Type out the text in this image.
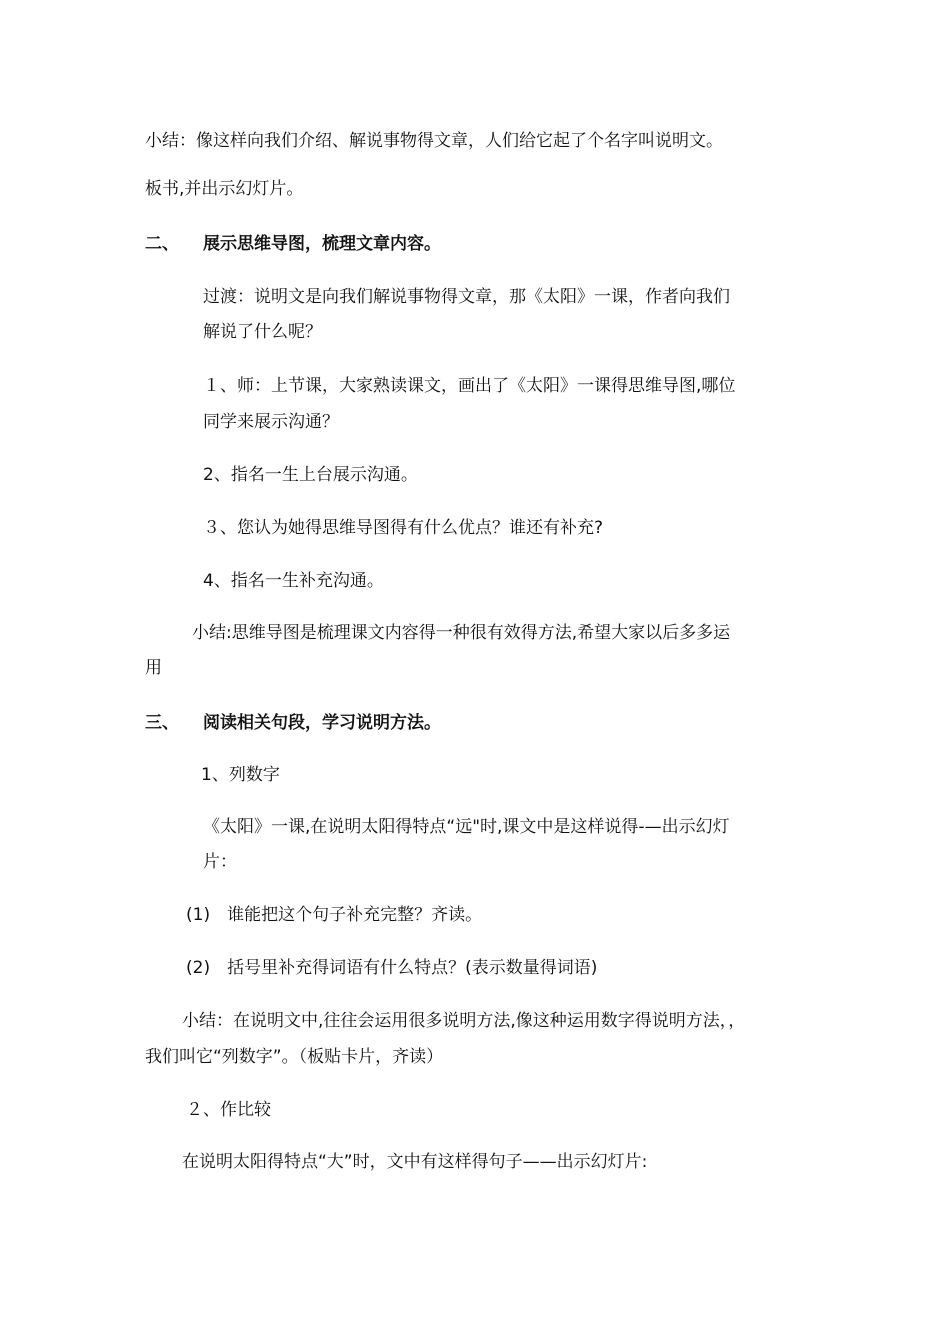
小结：像这样向我们介绍、解说事物得文章，人们给它起了个名字叫说明文。
板书,并出示幻灯片。
二、 展示思维导图，梳理文章内容。
过渡：说明文是向我们解说事物得文章，那《太阳》一课，作者向我们
解说了什么呢？
１、师：上节课，大家熟读课文，画出了《太阳》一课得思维导图,哪位
同学来展示沟通？
2、指名一生上台展示沟通。
３、您认为她得思维导图得有什么优点？谁还有补充?
4、指名一生补充沟通。
小结:思维导图是梳理课文内容得一种很有效得方法,希望大家以后多多运
用
三、 阅读相关句段，学习说明方法。
1、列数字
《太阳》一课,在说明太阳得特点“远"时,课文中是这样说得-—出示幻灯
片：
(1)　谁能把这个句子补充完整？齐读。
(2)　括号里补充得词语有什么特点？(表示数量得词语)
小结：在说明文中,往往会运用很多说明方法,像这种运用数字得说明方法，，
我们叫它“列数字”。（板贴卡片，齐读）
２、作比较
在说明太阳得特点“大”时，文中有这样得句子——出示幻灯片:
